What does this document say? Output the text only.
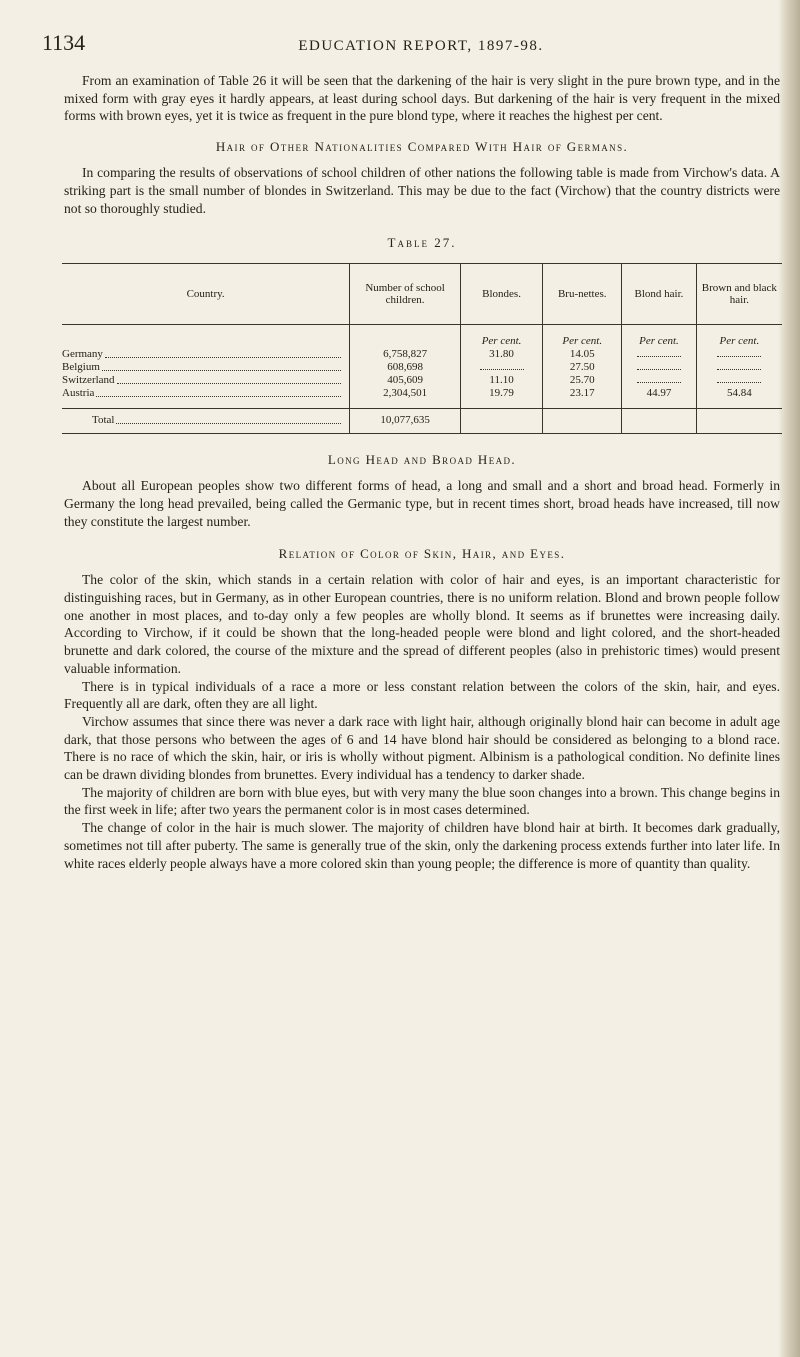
1134	EDUCATION REPORT, 1897-98.

From an examination of Table 26 it will be seen that the darkening of the hair is very slight in the pure brown type, and in the mixed form with gray eyes it hardly appears, at least during school days. But darkening of the hair is very frequent in the mixed forms with brown eyes, yet it is twice as frequent in the pure blond type, where it reaches the highest per cent.

Hair of Other Nationalities Compared With Hair of Germans.

In comparing the results of observations of school children of other nations the following table is made from Virchow's data. A striking part is the small number of blondes in Switzerland. This may be due to the fact (Virchow) that the country districts were not so thoroughly studied.

Table 27.
Country.	Number of school children.	Blondes.	Bru-nettes.	Blond hair.	Brown and black hair.
		Per cent.	Per cent.	Per cent.	Per cent.

Germany	6,758,827	31.80	14.05		

Belgium	608,698		27.50		

Switzerland	405,609	11.10	25.70		

Austria	2,304,501	19.79	23.17	44.97	54.84

Total	10,077,635				
Long Head and Broad Head.

About all European peoples show two different forms of head, a long and small and a short and broad head. Formerly in Germany the long head prevailed, being called the Germanic type, but in recent times short, broad heads have increased, till now they constitute the largest number.

Relation of Color of Skin, Hair, and Eyes.

The color of the skin, which stands in a certain relation with color of hair and eyes, is an important characteristic for distinguishing races, but in Germany, as in other European countries, there is no uniform relation. Blond and brown people follow one another in most places, and to-day only a few peoples are wholly blond. It seems as if brunettes were increasing daily. According to Virchow, if it could be shown that the long-headed people were blond and light colored, and the short-headed brunette and dark colored, the course of the mixture and the spread of different peoples (also in prehistoric times) would present valuable information.

There is in typical individuals of a race a more or less constant relation between the colors of the skin, hair, and eyes. Frequently all are dark, often they are all light.

Virchow assumes that since there was never a dark race with light hair, although originally blond hair can become in adult age dark, that those persons who between the ages of 6 and 14 have blond hair should be considered as belonging to a blond race. There is no race of which the skin, hair, or iris is wholly without pigment. Albinism is a pathological condition. No definite lines can be drawn dividing blondes from brunettes. Every individual has a tendency to darker shade.

The majority of children are born with blue eyes, but with very many the blue soon changes into a brown. This change begins in the first week in life; after two years the permanent color is in most cases determined.

The change of color in the hair is much slower. The majority of children have blond hair at birth. It becomes dark gradually, sometimes not till after puberty. The same is generally true of the skin, only the darkening process extends further into later life. In white races elderly people always have a more colored skin than young people; the difference is more of quantity than quality.
